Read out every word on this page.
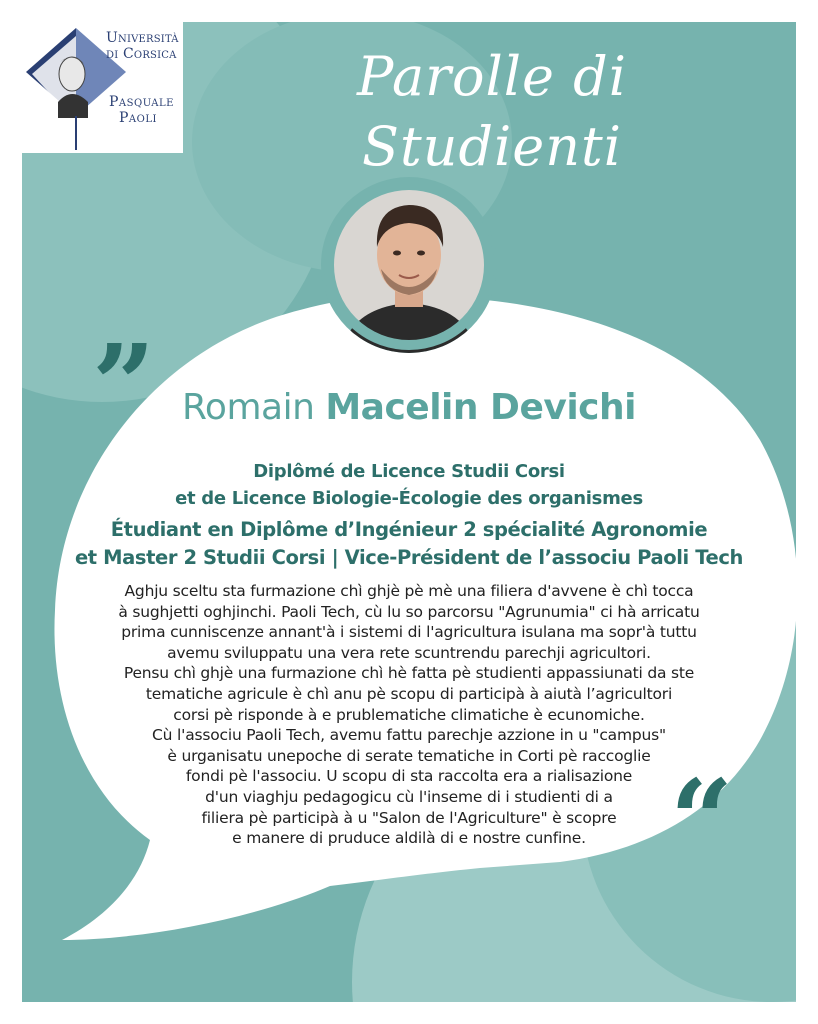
Università
di Corsica
Pasquale
Paoli
Parolle di Studienti
”
“
Romain Macelin Devichi
Diplômé de Licence Studii Corsi
et de Licence Biologie-Écologie des organismes
Étudiant en Diplôme d’Ingénieur 2 spécialité Agronomie
et Master 2 Studii Corsi | Vice-Président de l’associu Paoli Tech
Aghju sceltu sta furmazione chì ghjè pè mè una filiera d'avvene è chì tocca
à sughjetti oghjinchi. Paoli Tech, cù lu so parcorsu "Agrunumia" ci hà arricatu
prima cunniscenze annant'à i sistemi di l'agricultura isulana ma sopr'à tuttu
avemu sviluppatu una vera rete scuntrendu parechji agricultori.
Pensu chì ghjè una furmazione chì hè fatta pè studienti appassiunati da ste
tematiche agricule è chì anu pè scopu di participà à aiutà l’agricultori
corsi pè risponde à e prublematiche climatiche è ecunomiche.
Cù l'associu Paoli Tech, avemu fattu parechje azzione in u "campus"
è urganisatu unepoche di serate tematiche in Corti pè raccoglie
fondi pè l'associu. U scopu di sta raccolta era a rialisazione
d'un viaghju pedagogicu cù l'inseme di i studienti di a
filiera pè participà à u "Salon de l'Agriculture" è scopre
e manere di pruduce aldilà di e nostre cunfine.
